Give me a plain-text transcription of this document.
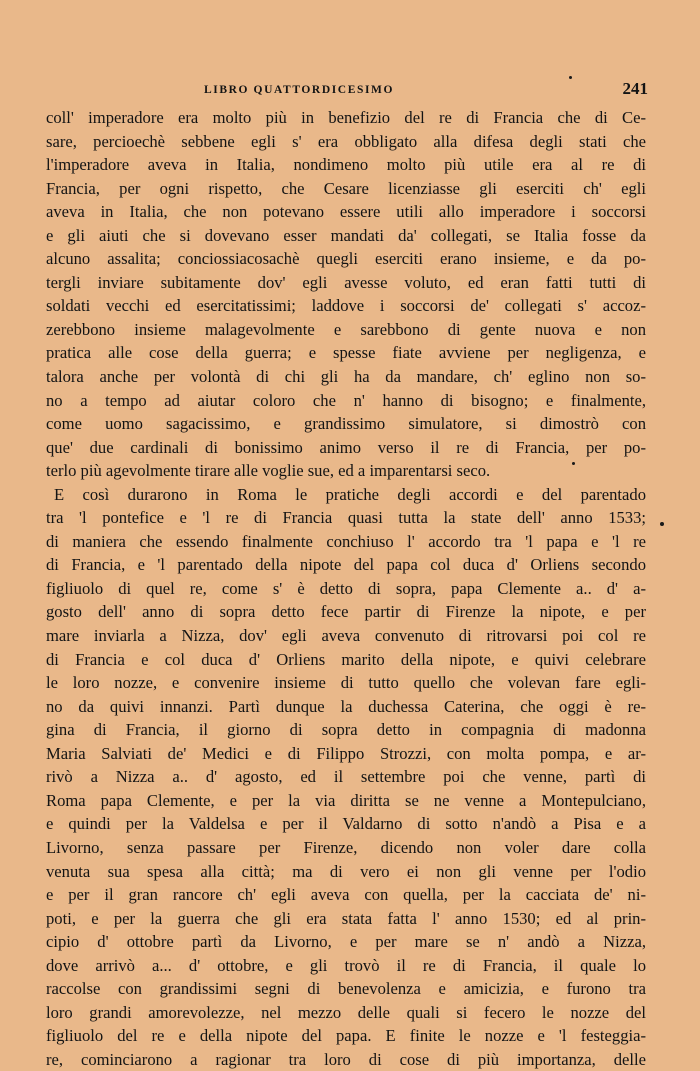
LIBRO QUATTORDICESIMO	241
coll' imperadore era molto più in benefizio del re di Francia che di Ce-
sare, percioechè sebbene egli s' era obbligato alla difesa degli stati che
l'imperadore aveva in Italia, nondimeno molto più utile era al re di
Francia, per ogni rispetto, che Cesare licenziasse gli eserciti ch' egli
aveva in Italia, che non potevano essere utili allo imperadore i soccorsi
e gli aiuti che si dovevano esser mandati da' collegati, se Italia fosse da
alcuno assalita; conciossiacosachè quegli eserciti erano insieme, e da po-
tergli inviare subitamente dov' egli avesse voluto, ed eran fatti tutti di
soldati vecchi ed esercitatissimi; laddove i soccorsi de' collegati s' accoz-
zerebbono insieme malagevolmente e sarebbono di gente nuova e non
pratica alle cose della guerra; e spesse fiate avviene per negligenza, e
talora anche per volontà di chi gli ha da mandare, ch' eglino non so-
no a tempo ad aiutar coloro che n' hanno di bisogno; e finalmente,
come uomo sagacissimo, e grandissimo simulatore, si dimostrò con
que' due cardinali di bonissimo animo verso il re di Francia, per po-
terlo più agevolmente tirare alle voglie sue, ed a imparentarsi seco.
E così durarono in Roma le pratiche degli accordi e del parentado
tra 'l pontefice e 'l re di Francia quasi tutta la state dell' anno 1533;
di maniera che essendo finalmente conchiuso l' accordo tra 'l papa e 'l re
di Francia, e 'l parentado della nipote del papa col duca d' Orliens secondo
figliuolo di quel re, come s' è detto di sopra, papa Clemente a.. d' a-
gosto dell' anno di sopra detto fece partir di Firenze la nipote, e per
mare inviarla a Nizza, dov' egli aveva convenuto di ritrovarsi poi col re
di Francia e col duca d' Orliens marito della nipote, e quivi celebrare
le loro nozze, e convenire insieme di tutto quello che volevan fare egli-
no da quivi innanzi. Partì dunque la duchessa Caterina, che oggi è re-
gina di Francia, il giorno di sopra detto in compagnia di madonna
Maria Salviati de' Medici e di Filippo Strozzi, con molta pompa, e ar-
rivò a Nizza a.. d' agosto, ed il settembre poi che venne, partì di
Roma papa Clemente, e per la via diritta se ne venne a Montepulciano,
e quindi per la Valdelsa e per il Valdarno di sotto n'andò a Pisa e a
Livorno, senza passare per Firenze, dicendo non voler dare colla
venuta sua spesa alla città; ma di vero ei non gli venne per l'odio
e per il gran rancore ch' egli aveva con quella, per la cacciata de' ni-
poti, e per la guerra che gli era stata fatta l' anno 1530; ed al prin-
cipio d' ottobre partì da Livorno, e per mare se n' andò a Nizza,
dove arrivò a... d' ottobre, e gli trovò il re di Francia, il quale lo
raccolse con grandissimi segni di benevolenza e amicizia, e furono tra
loro grandi amorevolezze, nel mezzo delle quali si fecero le nozze del
figliuolo del re e della nipote del papa. E finite le nozze e 'l festeggia-
re, cominciarono a ragionar tra loro di cose di più importanza, delle
